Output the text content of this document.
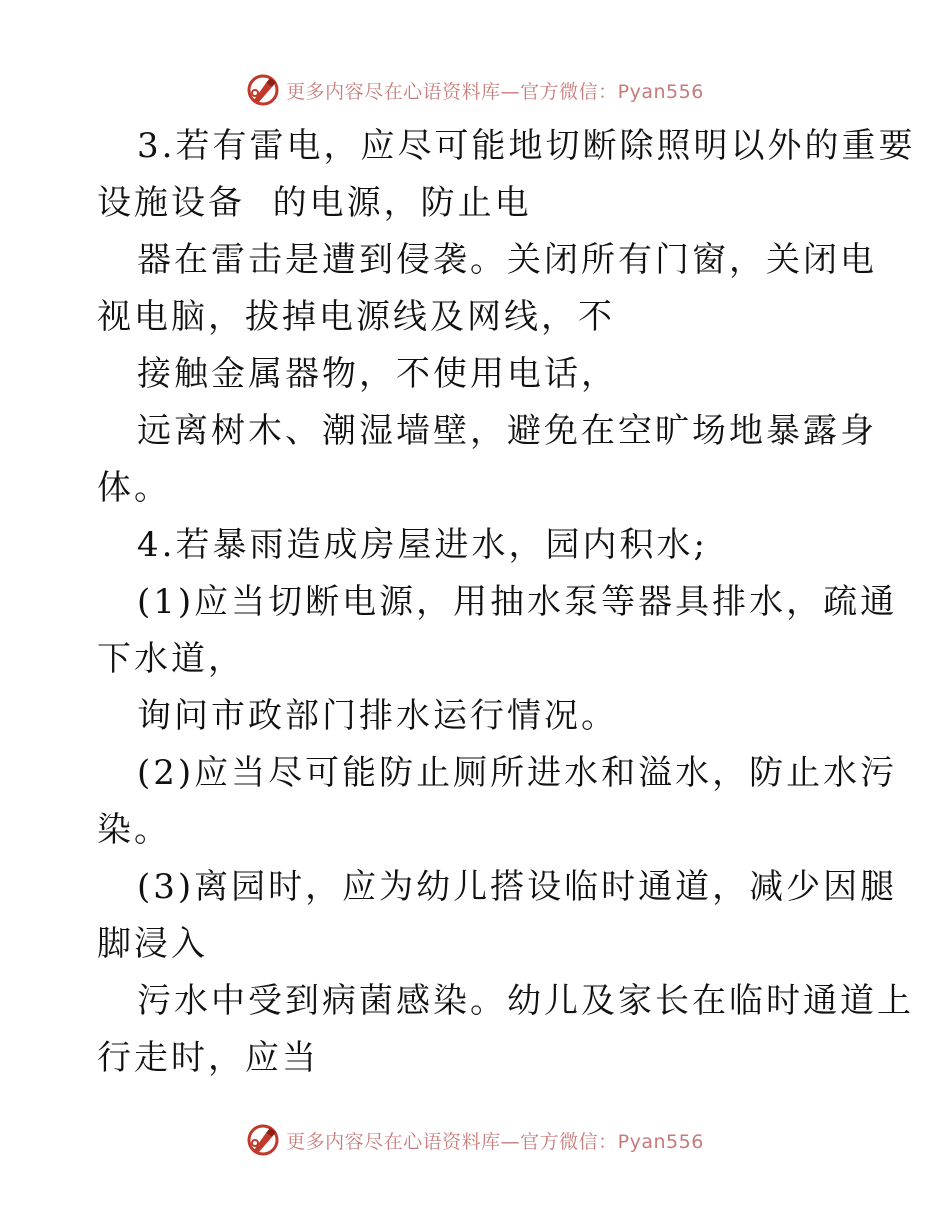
更多内容尽在心语资料库—官方微信：Pyan556
3.若有雷电，应尽可能地切断除照明以外的重要
设施设备  的电源，防止电
器在雷击是遭到侵袭。关闭所有门窗，关闭电
视电脑，拔掉电源线及网线，不
接触金属器物，不使用电话，
远离树木、潮湿墙壁，避免在空旷场地暴露身
体。
4.若暴雨造成房屋进水，园内积水;
(1)应当切断电源，用抽水泵等器具排水，疏通
下水道，
询问市政部门排水运行情况。
(2)应当尽可能防止厕所进水和溢水，防止水污
染。
(3)离园时，应为幼儿搭设临时通道，减少因腿
脚浸入
污水中受到病菌感染。幼儿及家长在临时通道上
行走时，应当
更多内容尽在心语资料库—官方微信：Pyan556
